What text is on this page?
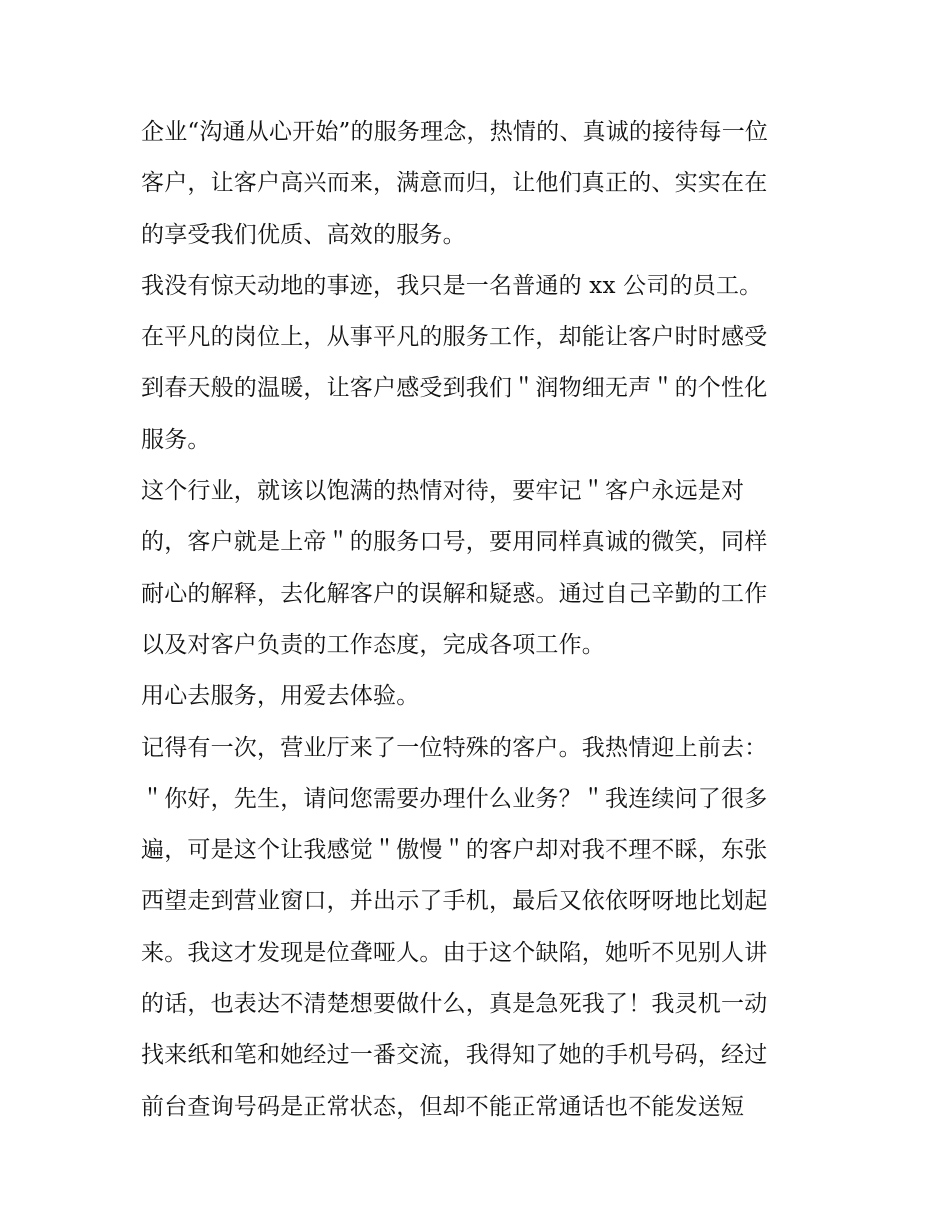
企业“沟通从心开始”的服务理念，热情的、真诚的接待每一位
客户，让客户高兴而来，满意而归，让他们真正的、实实在在
的享受我们优质、高效的服务。
我没有惊天动地的事迹，我只是一名普通的 xx 公司的员工。
在平凡的岗位上，从事平凡的服务工作，却能让客户时时感受
到春天般的温暖，让客户感受到我们＂润物细无声＂的个性化
服务。
这个行业，就该以饱满的热情对待，要牢记＂客户永远是对
的，客户就是上帝＂的服务口号，要用同样真诚的微笑，同样
耐心的解释，去化解客户的误解和疑惑。通过自己辛勤的工作
以及对客户负责的工作态度，完成各项工作。
用心去服务，用爱去体验。
记得有一次，营业厅来了一位特殊的客户。我热情迎上前去：
＂你好，先生，请问您需要办理什么业务？＂我连续问了很多
遍，可是这个让我感觉＂傲慢＂的客户却对我不理不睬，东张
西望走到营业窗口，并出示了手机，最后又依依呀呀地比划起
来。我这才发现是位聋哑人。由于这个缺陷，她听不见别人讲
的话，也表达不清楚想要做什么，真是急死我了！我灵机一动
找来纸和笔和她经过一番交流，我得知了她的手机号码，经过
前台查询号码是正常状态，但却不能正常通话也不能发送短
